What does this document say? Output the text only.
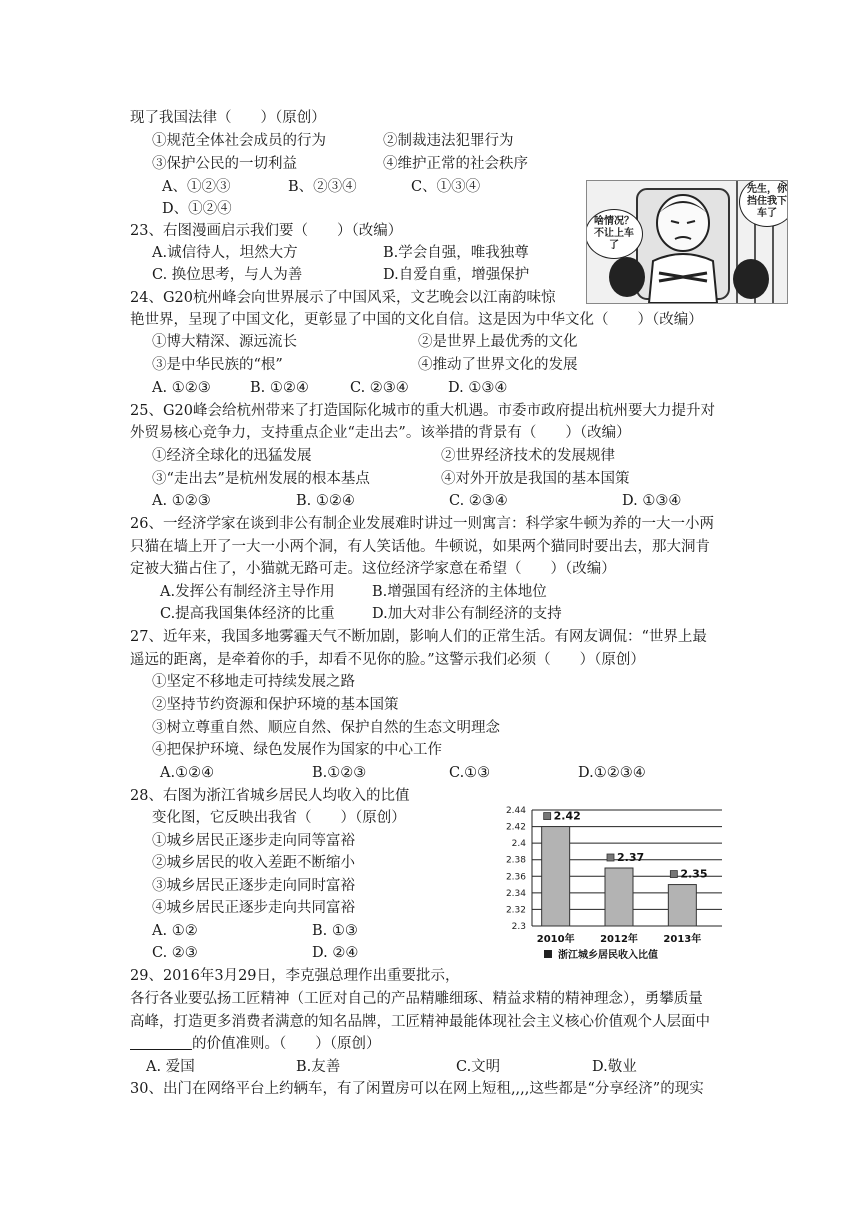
现了我国法律（　　）（原创）
①规范全体社会成员的行为	②制裁违法犯罪行为
③保护公民的一切利益	④维护正常的社会秩序
A、①②③	B、②③④	C、①③④
D、①②④
23、右图漫画启示我们要（　　）（改编）
A.诚信待人，坦然大方	B.学会自强，唯我独尊
C. 换位思考，与人为善	D.自爱自重，增强保护
24、G20杭州峰会向世界展示了中国风采，文艺晚会以江南韵味惊
艳世界，呈现了中国文化，更彰显了中国的文化自信。这是因为中华文化（　　）（改编）
①博大精深、源远流长	②是世界上最优秀的文化
③是中华民族的“根”	④推动了世界文化的发展
A. ①②③	B. ①②④	C. ②③④	D. ①③④
25、G20峰会给杭州带来了打造国际化城市的重大机遇。市委市政府提出杭州要大力提升对
外贸易核心竞争力，支持重点企业“走出去”。该举措的背景有（　　）（改编）
①经济全球化的迅猛发展	②世界经济技术的发展规律
③“走出去”是杭州发展的根本基点	④对外开放是我国的基本国策
A. ①②③	B. ①②④	C. ②③④	D. ①③④
26、一经济学家在谈到非公有制企业发展难时讲过一则寓言：科学家牛顿为养的一大一小两
只猫在墙上开了一大一小两个洞，有人笑话他。牛顿说，如果两个猫同时要出去，那大洞肯
定被大猫占住了，小猫就无路可走。这位经济学家意在希望（　　）（改编）
A.发挥公有制经济主导作用	B.增强国有经济的主体地位
C.提高我国集体经济的比重	D.加大对非公有制经济的支持
27、近年来，我国多地雾霾天气不断加剧，影响人们的正常生活。有网友调侃：“世界上最
遥远的距离，是牵着你的手，却看不见你的脸。”这警示我们必须（　　）（原创）
①坚定不移地走可持续发展之路
②坚持节约资源和保护环境的基本国策
③树立尊重自然、顺应自然、保护自然的生态文明理念
④把保护环境、绿色发展作为国家的中心工作
A.①②④	B.①②③	C.①③	D.①②③④
28、右图为浙江省城乡居民人均收入的比值
变化图，它反映出我省（　　）（原创）
①城乡居民正逐步走向同等富裕
②城乡居民的收入差距不断缩小
③城乡居民正逐步走向同时富裕
④城乡居民正逐步走向共同富裕
A. ①②	B. ①③
C. ②③	D. ②④
29、2016年3月29日，李克强总理作出重要批示，
各行各业要弘扬工匠精神（工匠对自己的产品精雕细琢、精益求精的精神理念），勇攀质量
高峰，打造更多消费者满意的知名品牌，工匠精神最能体现社会主义核心价值观个人层面中
的价值准则。（　　）（原创）
A. 爱国	B.友善	C.文明	D.敬业
30、出门在网络平台上约辆车，有了闲置房可以在网上短租,,,,这些都是“分享经济”的现实
啥情况？不让上车了
先生，你挡住我下车了
2.44
2.42
2.4
2.38
2.36
2.34
2.32
2.3
2.42
2010年
2.37
2012年
2.35
2013年
浙江城乡居民收入比值
